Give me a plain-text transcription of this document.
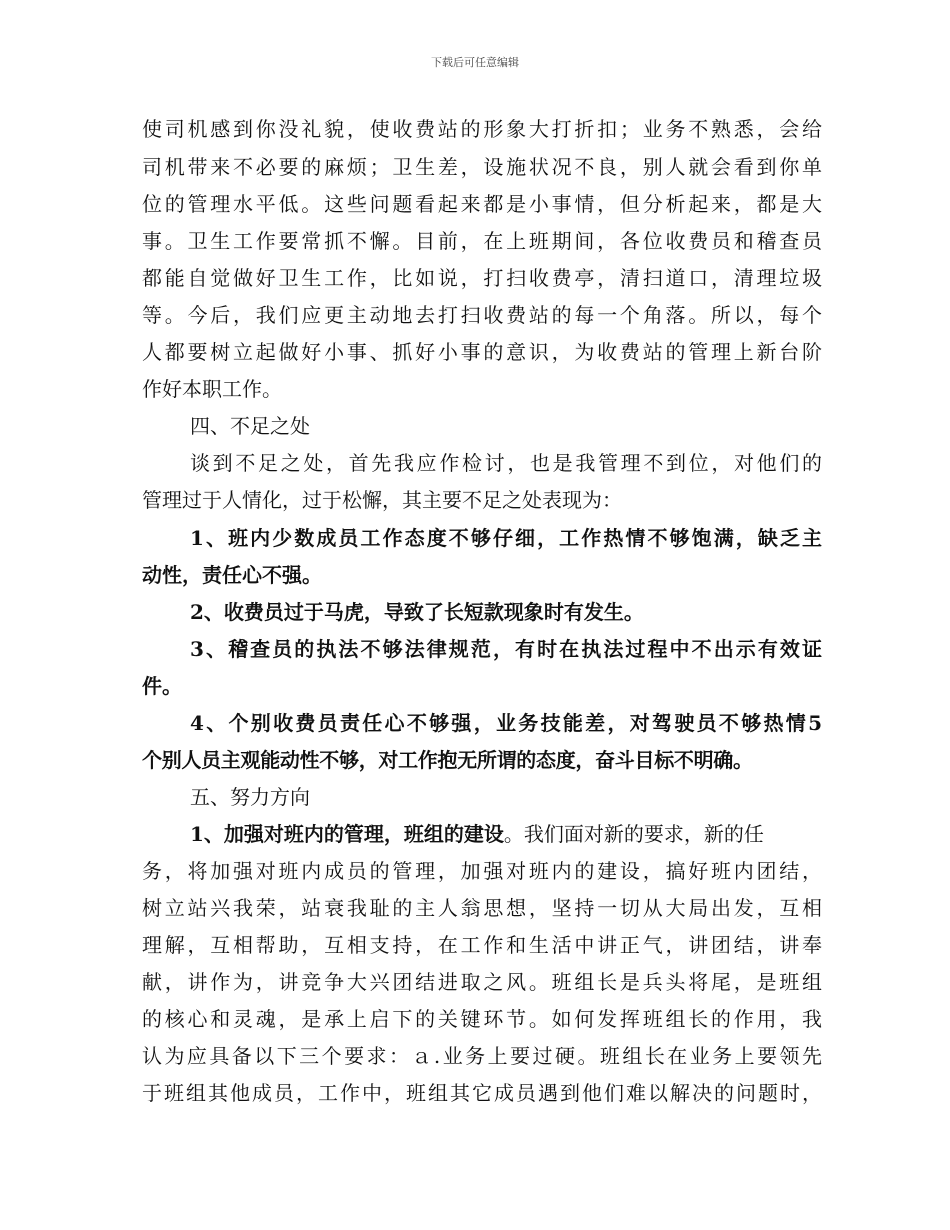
下载后可任意编辑
使司机感到你没礼貌，使收费站的形象大打折扣；业务不熟悉，会给
司机带来不必要的麻烦；卫生差，设施状况不良，别人就会看到你单
位的管理水平低。这些问题看起来都是小事情，但分析起来，都是大
事。卫生工作要常抓不懈。目前，在上班期间，各位收费员和稽查员
都能自觉做好卫生工作，比如说，打扫收费亭，清扫道口，清理垃圾
等。今后，我们应更主动地去打扫收费站的每一个角落。所以，每个
人都要树立起做好小事、抓好小事的意识，为收费站的管理上新台阶
作好本职工作。
四、不足之处
谈到不足之处，首先我应作检讨，也是我管理不到位，对他们的
管理过于人情化，过于松懈，其主要不足之处表现为：
1、班内少数成员工作态度不够仔细，工作热情不够饱满，缺乏主
动性，责任心不强。
2、收费员过于马虎，导致了长短款现象时有发生。
3、稽查员的执法不够法律规范，有时在执法过程中不出示有效证
件。
4、个别收费员责任心不够强，业务技能差，对驾驶员不够热情5
个别人员主观能动性不够，对工作抱无所谓的态度，奋斗目标不明确。
五、努力方向
1、加强对班内的管理，班组的建设。我们面对新的要求，新的任
务，将加强对班内成员的管理，加强对班内的建设，搞好班内团结，
树立站兴我荣，站衰我耻的主人翁思想，坚持一切从大局出发，互相
理解，互相帮助，互相支持，在工作和生活中讲正气，讲团结，讲奉
献，讲作为，讲竞争大兴团结进取之风。班组长是兵头将尾，是班组
的核心和灵魂，是承上启下的关键环节。如何发挥班组长的作用，我
认为应具备以下三个要求：ａ.业务上要过硬。班组长在业务上要领先
于班组其他成员，工作中，班组其它成员遇到他们难以解决的问题时，
